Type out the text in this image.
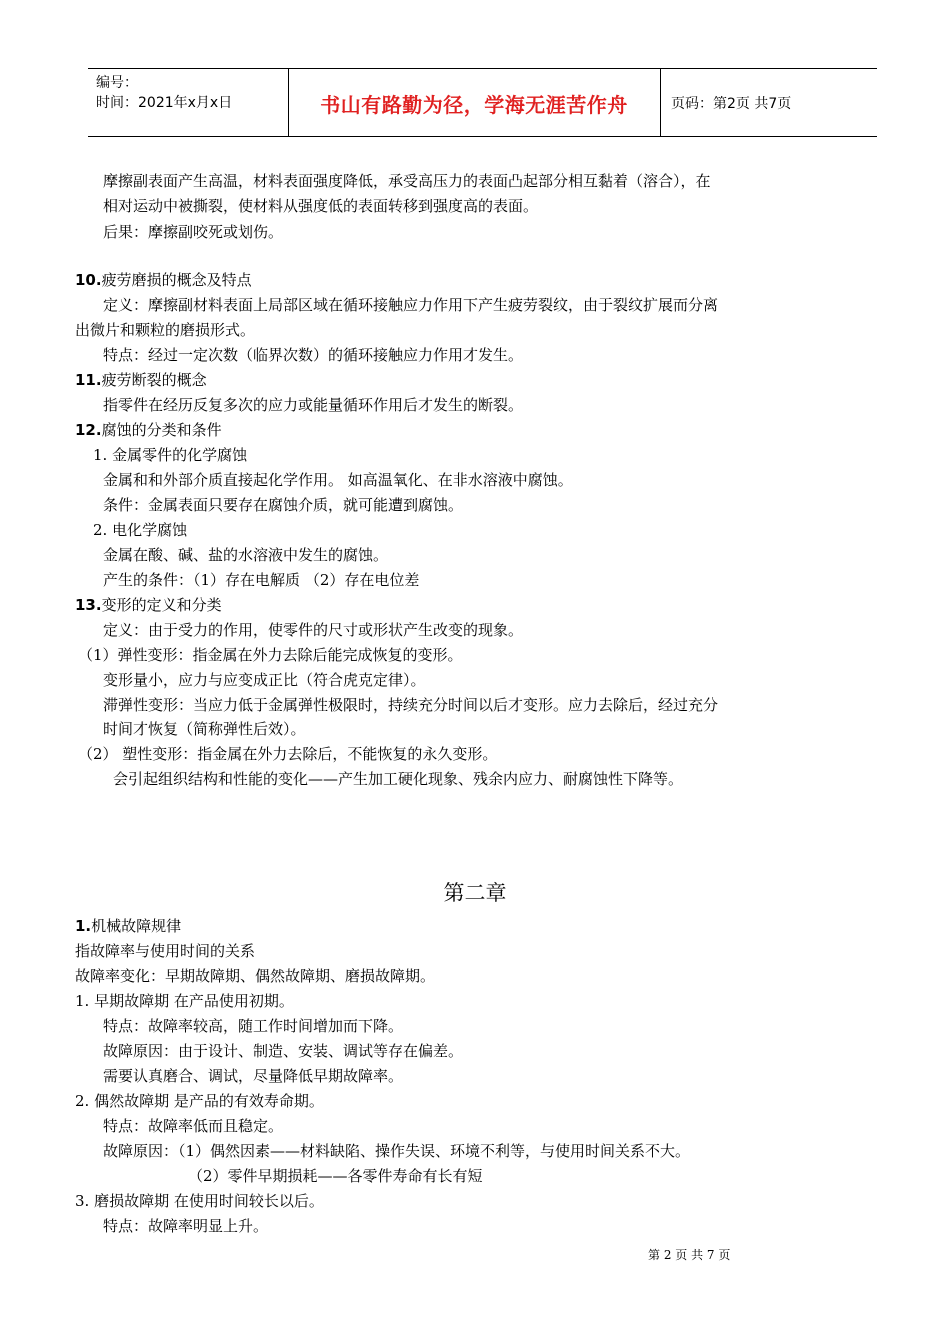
编号：
时间：2021年x月x日	书山有路勤为径，学海无涯苦作舟	页码：第2页 共7页
摩擦副表面产生高温，材料表面强度降低，承受高压力的表面凸起部分相互黏着（溶合），在
相对运动中被撕裂，使材料从强度低的表面转移到强度高的表面。
后果：摩擦副咬死或划伤。
10.疲劳磨损的概念及特点
定义：摩擦副材料表面上局部区域在循环接触应力作用下产生疲劳裂纹，由于裂纹扩展而分离
出微片和颗粒的磨损形式。
特点：经过一定次数（临界次数）的循环接触应力作用才发生。
11.疲劳断裂的概念
指零件在经历反复多次的应力或能量循环作用后才发生的断裂。
12.腐蚀的分类和条件
1. 金属零件的化学腐蚀
金属和和外部介质直接起化学作用。 如高温氧化、在非水溶液中腐蚀。
条件：金属表面只要存在腐蚀介质，就可能遭到腐蚀。
2. 电化学腐蚀
金属在酸、碱、盐的水溶液中发生的腐蚀。
产生的条件：（1）存在电解质 （2）存在电位差
13.变形的定义和分类
定义：由于受力的作用，使零件的尺寸或形状产生改变的现象。
（1）弹性变形：指金属在外力去除后能完成恢复的变形。
变形量小，应力与应变成正比（符合虎克定律）。
滞弹性变形：当应力低于金属弹性极限时，持续充分时间以后才变形。应力去除后，经过充分
时间才恢复（简称弹性后效）。
（2） 塑性变形：指金属在外力去除后，不能恢复的永久变形。
会引起组织结构和性能的变化——产生加工硬化现象、残余内应力、耐腐蚀性下降等。
第二章
1.机械故障规律
指故障率与使用时间的关系
故障率变化：早期故障期、偶然故障期、磨损故障期。
1. 早期故障期 在产品使用初期。
特点：故障率较高，随工作时间增加而下降。
故障原因：由于设计、制造、安装、调试等存在偏差。
需要认真磨合、调试，尽量降低早期故障率。
2. 偶然故障期 是产品的有效寿命期。
特点：故障率低而且稳定。
故障原因：（1）偶然因素——材料缺陷、操作失误、环境不利等，与使用时间关系不大。
（2）零件早期损耗——各零件寿命有长有短
3. 磨损故障期 在使用时间较长以后。
特点：故障率明显上升。
第 2 页 共 7 页
